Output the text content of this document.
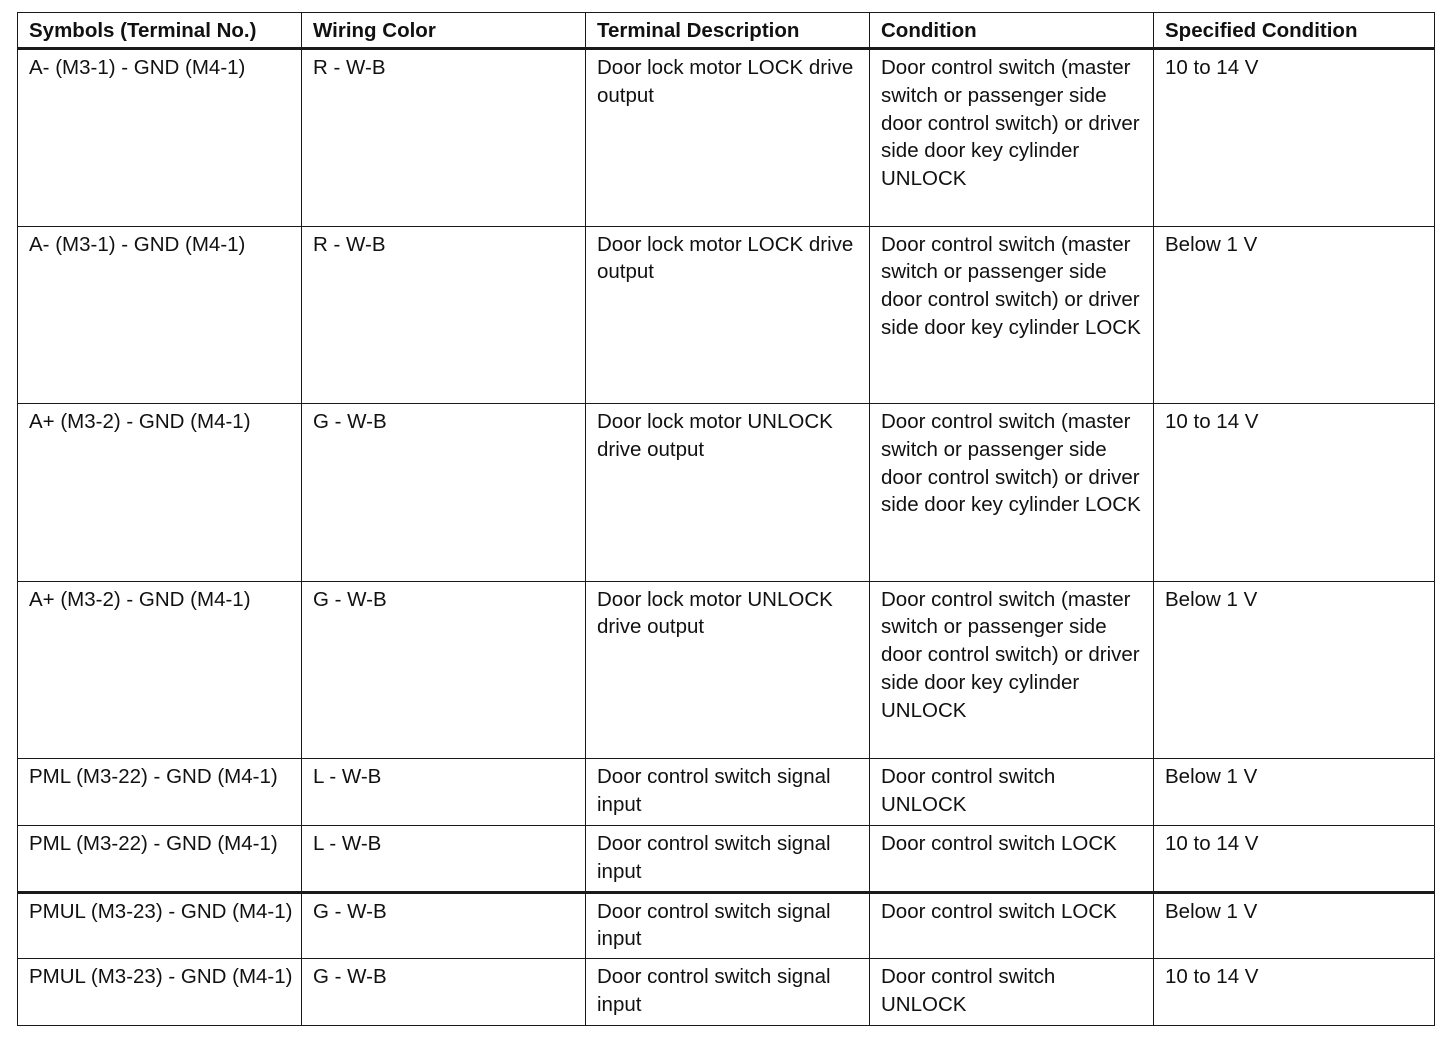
Symbols (Terminal No.)	Wiring Color	Terminal Description	Condition	Specified Condition
A- (M3-1) - GND (M4-1)	R - W-B	Door lock motor LOCK drive output	Door control switch (master switch or passenger side door control switch) or driver side door key cylinder UNLOCK	10 to 14 V
A- (M3-1) - GND (M4-1)	R - W-B	Door lock motor LOCK drive output	Door control switch (master switch or passenger side door control switch) or driver side door key cylinder LOCK	Below 1 V
A+ (M3-2) - GND (M4-1)	G - W-B	Door lock motor UNLOCK drive output	Door control switch (master switch or passenger side door control switch) or driver side door key cylinder LOCK	10 to 14 V
A+ (M3-2) - GND (M4-1)	G - W-B	Door lock motor UNLOCK drive output	Door control switch (master switch or passenger side door control switch) or driver side door key cylinder UNLOCK	Below 1 V
PML (M3-22) - GND (M4-1)	L - W-B	Door control switch signal input	Door control switch UNLOCK	Below 1 V
PML (M3-22) - GND (M4-1)	L - W-B	Door control switch signal input	Door control switch LOCK	10 to 14 V
PMUL (M3-23) - GND (M4-1)	G - W-B	Door control switch signal input	Door control switch LOCK	Below 1 V
PMUL (M3-23) - GND (M4-1)	G - W-B	Door control switch signal input	Door control switch UNLOCK	10 to 14 V
